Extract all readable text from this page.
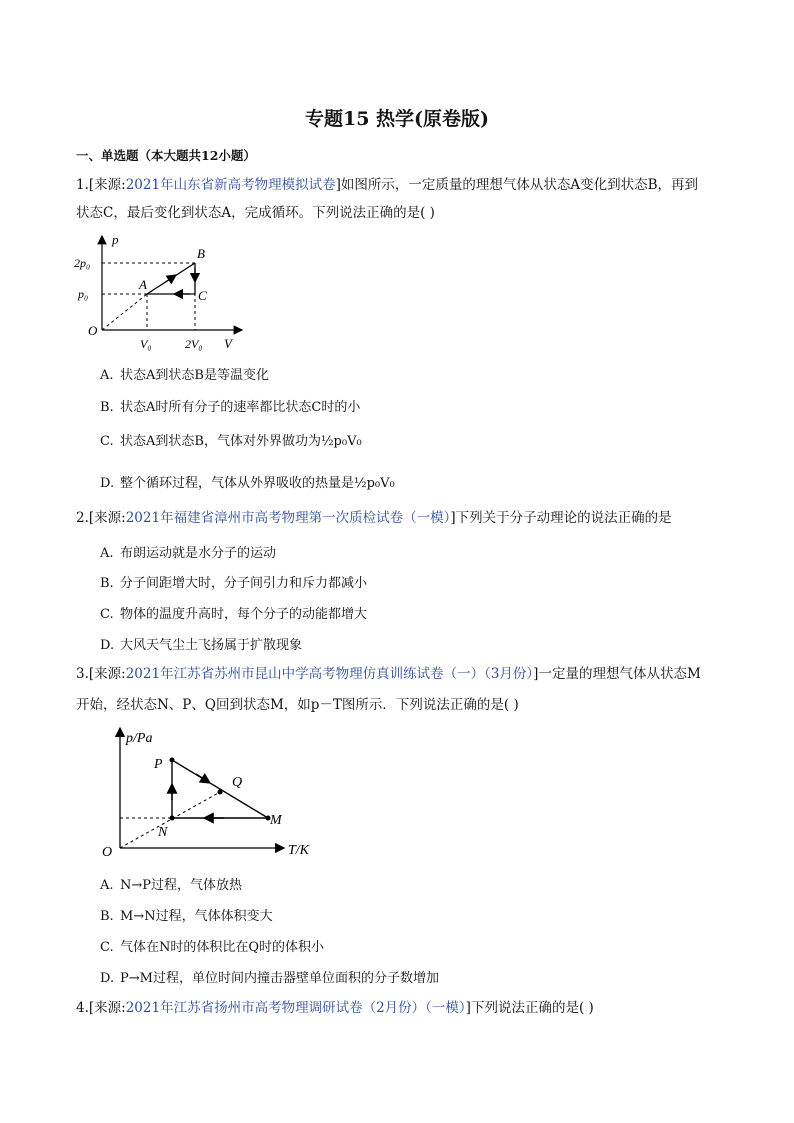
专题15 热学(原卷版)
一、单选题（本大题共12小题）
1.[来源:2021年山东省新高考物理模拟试卷]如图所示，一定质量的理想气体从状态A变化到状态B，再到
状态C，最后变化到状态A，完成循环。下列说法正确的是( )
p
V
O
2p₀
p₀
V₀	2V₀
A
B
C
A. 状态A到状态B是等温变化
B. 状态A时所有分子的速率都比状态C时的小
C. 状态A到状态B，气体对外界做功为½p₀V₀
D. 整个循环过程，气体从外界吸收的热量是½p₀V₀
2.[来源:2021年福建省漳州市高考物理第一次质检试卷（一模）]下列关于分子动理论的说法正确的是
A. 布朗运动就是水分子的运动
B. 分子间距增大时，分子间引力和斥力都减小
C. 物体的温度升高时，每个分子的动能都增大
D. 大风天气尘土飞扬属于扩散现象
3.[来源:2021年江苏省苏州市昆山中学高考物理仿真训练试卷（一）（3月份）]一定量的理想气体从状态M
开始，经状态N、P、Q回到状态M，如p－T图所示．下列说法正确的是( )
p/Pa
T/K
O
P
Q
M
N
A. N→P过程，气体放热
B. M→N过程，气体体积变大
C. 气体在N时的体积比在Q时的体积小
D. P→M过程，单位时间内撞击器壁单位面积的分子数增加
4.[来源:2021年江苏省扬州市高考物理调研试卷（2月份）（一模）]下列说法正确的是( )
